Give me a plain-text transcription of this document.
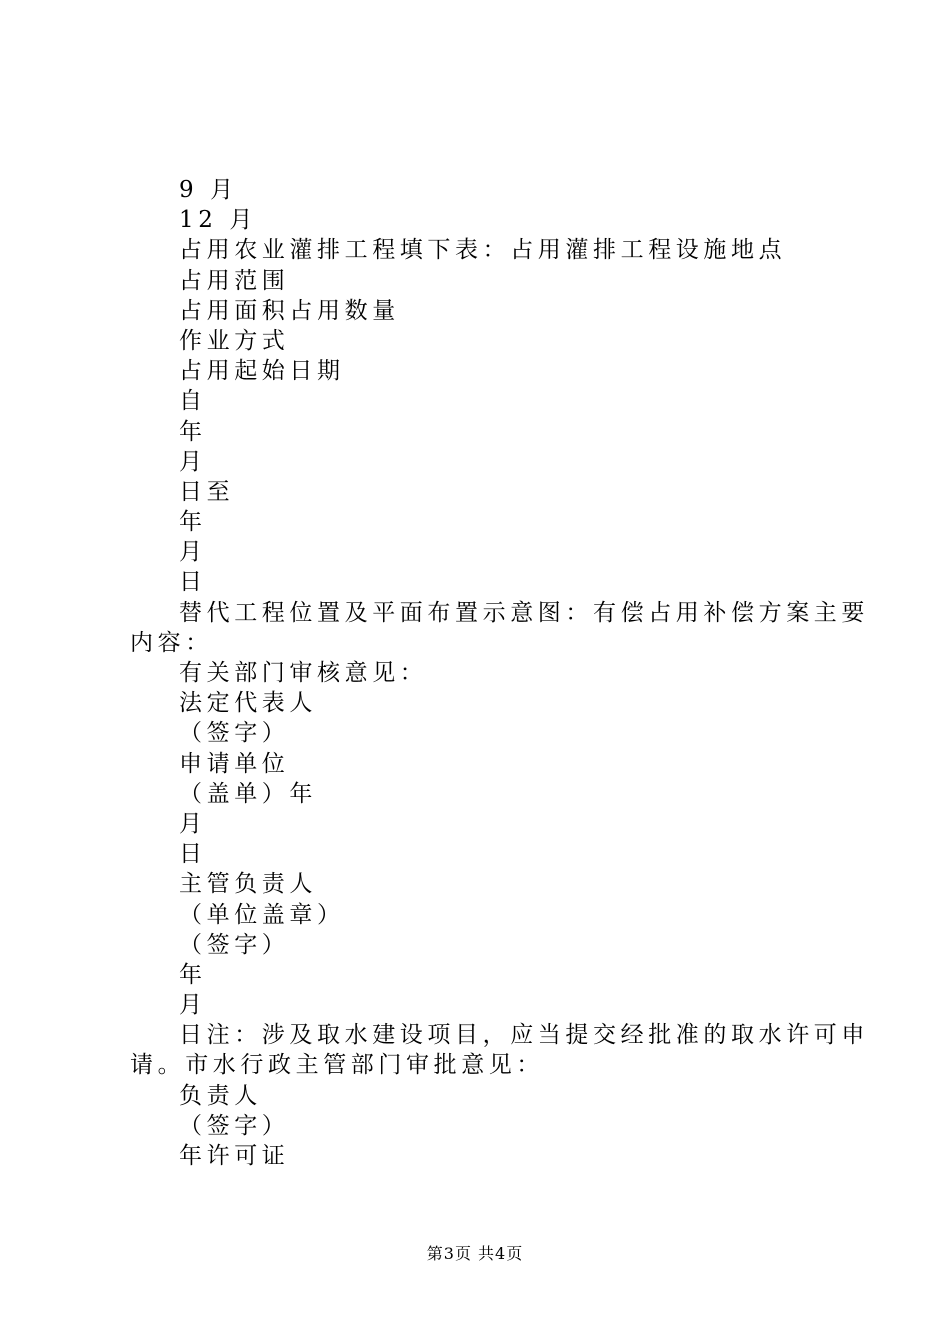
9 月
12 月
占用农业灌排工程填下表：占用灌排工程设施地点
占用范围
占用面积占用数量
作业方式
占用起始日期
自
年
月
日至
年
月
日
替代工程位置及平面布置示意图：有偿占用补偿方案主要
内容：
有关部门审核意见：
法定代表人
（签字）
申请单位
（盖单）年
月
日
主管负责人
（单位盖章）
（签字）
年
月
日注：涉及取水建设项目，应当提交经批准的取水许可申
请。市水行政主管部门审批意见：
负责人
（签字）
年许可证
第3页 共4页
